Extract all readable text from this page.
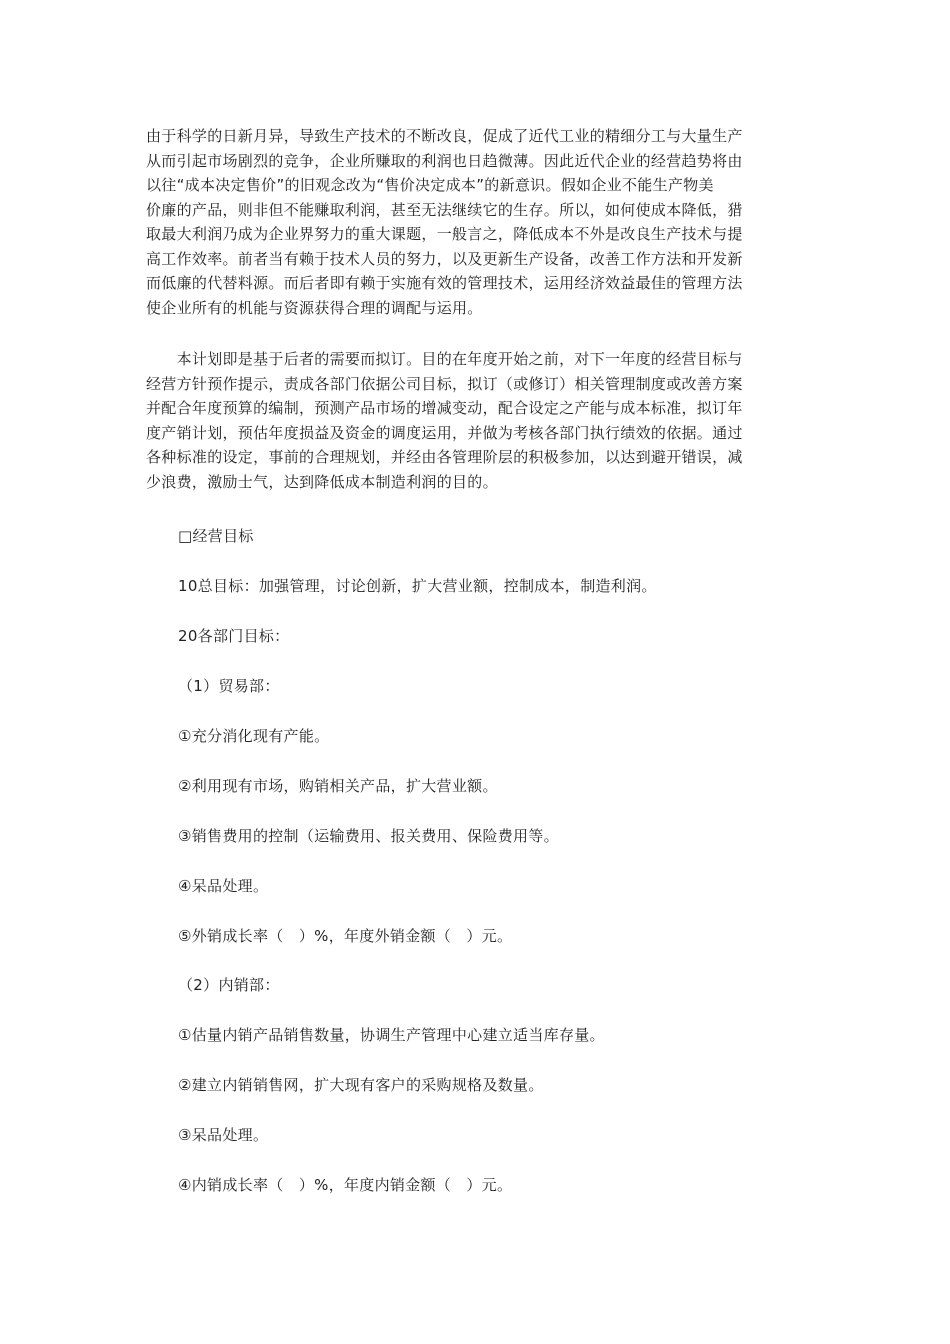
由于科学的日新月异，导致生产技术的不断改良，促成了近代工业的精细分工与大量生产
从而引起市场剧烈的竞争，企业所赚取的利润也日趋微薄。因此近代企业的经营趋势将由
以往“成本决定售价”的旧观念改为“售价决定成本”的新意识。假如企业不能生产物美
价廉的产品，则非但不能赚取利润，甚至无法继续它的生存。所以，如何使成本降低，猎
取最大利润乃成为企业界努力的重大课题，一般言之，降低成本不外是改良生产技术与提
高工作效率。前者当有赖于技术人员的努力，以及更新生产设备，改善工作方法和开发新
而低廉的代替料源。而后者即有赖于实施有效的管理技术，运用经济效益最佳的管理方法
使企业所有的机能与资源获得合理的调配与运用。

　　本计划即是基于后者的需要而拟订。目的在年度开始之前，对下一年度的经营目标与
经营方针预作提示，责成各部门依据公司目标，拟订（或修订）相关管理制度或改善方案
并配合年度预算的编制，预测产品市场的增减变动，配合设定之产能与成本标准，拟订年
度产销计划，预估年度损益及资金的调度运用，并做为考核各部门执行绩效的依据。通过
各种标准的设定，事前的合理规划，并经由各管理阶层的积极参加，以达到避开错误，减
少浪费，激励士气，达到降低成本制造利润的目的。

□经营目标

10总目标：加强管理，讨论创新，扩大营业额，控制成本，制造利润。

20各部门目标：

（1）贸易部：

①充分消化现有产能。

②利用现有市场，购销相关产品，扩大营业额。

③销售费用的控制（运输费用、报关费用、保险费用等。

④呆品处理。

⑤外销成长率（　）%，年度外销金额（　）元。

（2）内销部：

①估量内销产品销售数量，协调生产管理中心建立适当库存量。

②建立内销销售网，扩大现有客户的采购规格及数量。

③呆品处理。

④内销成长率（　）%，年度内销金额（　）元。
